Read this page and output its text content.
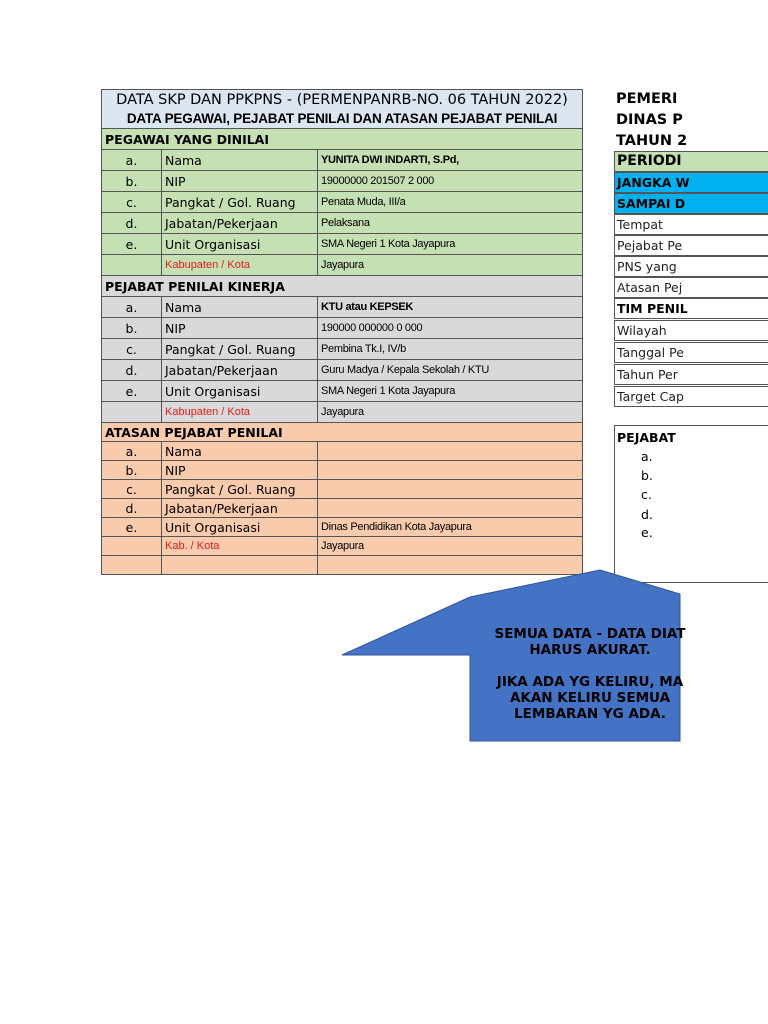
DATA SKP DAN PPKPNS - (PERMENPANRB-NO. 06 TAHUN 2022)		
DATA PEGAWAI, PEJABAT PENILAI DAN ATASAN PEJABAT PENILAI		
PEGAWAI YANG DINILAI		
a.	Nama	YUNITA DWI INDARTI, S.Pd,
b.	NIP	19000000 201507 2 000
c.	Pangkat / Gol. Ruang	Penata Muda, III/a
d.	Jabatan/Pekerjaan	Pelaksana
e.	Unit Organisasi	SMA Negeri 1 Kota Jayapura
	Kabupaten / Kota	Jayapura
PEJABAT PENILAI KINERJA		
a.	Nama	KTU atau KEPSEK
b.	NIP	190000 000000 0 000
c.	Pangkat / Gol. Ruang	Pembina Tk.I, IV/b
d.	Jabatan/Pekerjaan	Guru Madya / Kepala Sekolah / KTU
e.	Unit Organisasi	SMA Negeri 1 Kota Jayapura
	Kabupaten / Kota	Jayapura
ATASAN PEJABAT PENILAI		
a.	Nama	
b.	NIP	
c.	Pangkat / Gol. Ruang	
d.	Jabatan/Pekerjaan	
e.	Unit Organisasi	Dinas Pendidikan Kota Jayapura
	Kab. / Kota	Jayapura

PEMERI
DINAS P
TAHUN 2
PERIODI
JANGKA W
SAMPAI D
Tempat
Pejabat Pe
PNS yang
Atasan Pej
TIM PENIL
Wilayah
Tanggal Pe
Tahun Per
Target Cap
PEJABAT
a.
b.
c.
d.
e.
SEMUA DATA - DATA DIAT
HARUS AKURAT.
JIKA ADA YG KELIRU, MA
AKAN KELIRU SEMUA
LEMBARAN YG ADA.
